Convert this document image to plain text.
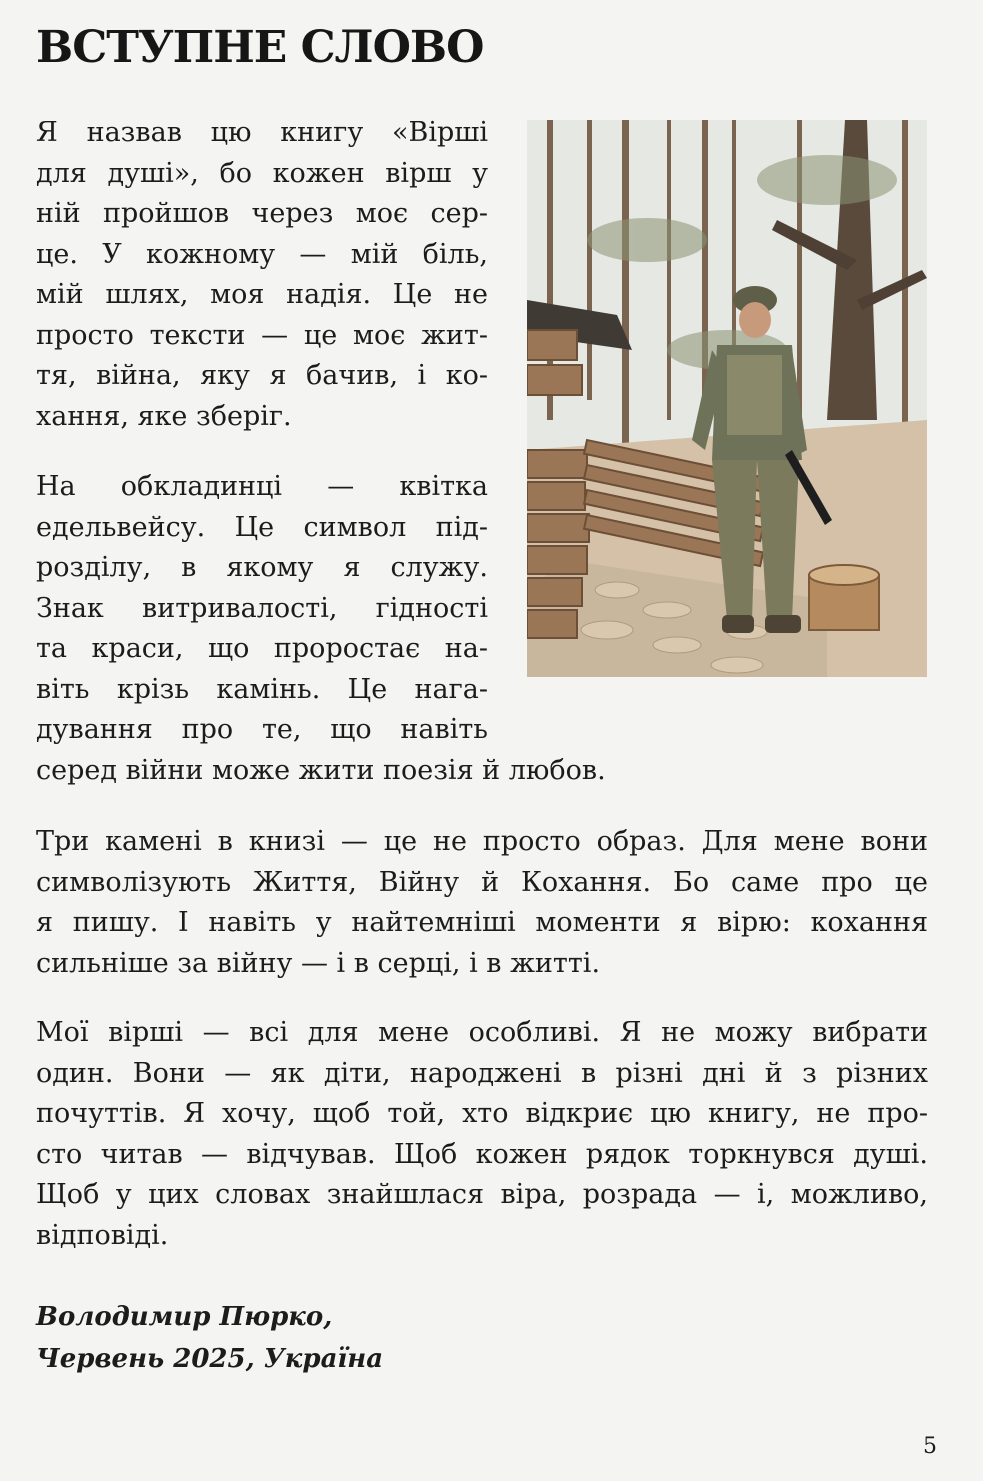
ВСТУПНЕ СЛОВО
Я назвав цю книгу «Вірші
для душі», бо кожен вірш у
ній пройшов через моє сер-
це. У кожному — мій біль,
мій шлях, моя надія. Це не
просто тексти — це моє жит-
тя, війна, яку я бачив, і ко-
хання, яке зберіг.
На обкладинці — квітка
едельвейсу. Це символ під-
розділу, в якому я служу.
Знак витривалості, гідності
та краси, що проростає на-
віть крізь камінь. Це нага-
дування про те, що навіть
серед війни може жити поезія й любов.
Три камені в книзі — це не просто образ. Для мене вони
символізують Життя, Війну й Кохання. Бо саме про це
я пишу. І навіть у найтемніші моменти я вірю: кохання
сильніше за війну — і в серці, і в житті.
Мої вірші — всі для мене особливі. Я не можу вибрати
один. Вони — як діти, народжені в різні дні й з різних
почуттів. Я хочу, щоб той, хто відкриє цю книгу, не про-
сто читав — відчував. Щоб кожен рядок торкнувся душі.
Щоб у цих словах знайшлася віра, розрада — і, можливо,
відповіді.
Володимир Пюрко,
Червень 2025, Україна
5
